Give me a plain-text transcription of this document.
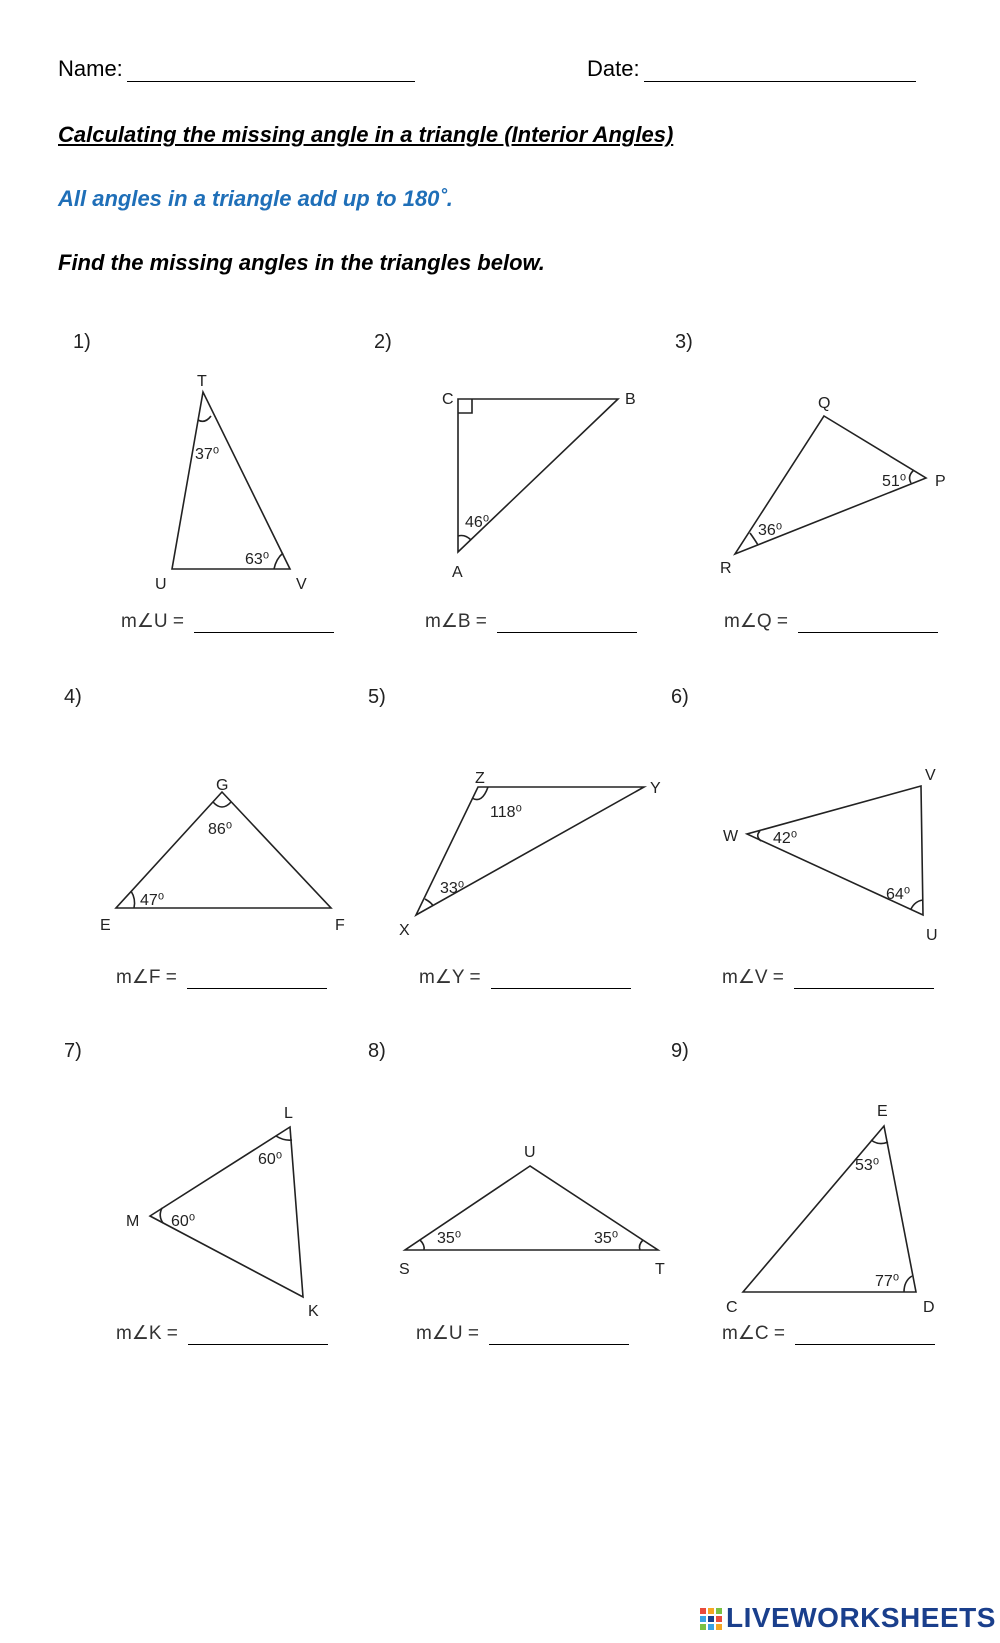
Name:	Date:
Calculating the missing angle in a triangle (Interior Angles)
All angles in a triangle add up to 180˚.
Find the missing angles in the triangles below.
1)	2)	3)
4)	5)	6)
7)	8)	9)
m∠U =	m∠B =	m∠Q =
m∠F =	m∠Y =	m∠V =
m∠K =	m∠U =	m∠C =
T
U	V
37⁰
63⁰
C	B
A
46⁰
Q
P
R
51⁰
36⁰
G
E	F
86⁰
47⁰
Z
Y
X
118⁰
33⁰
V
W
U
42⁰
64⁰
L
M
K
60⁰
60⁰
U
S	T
35⁰	35⁰
E
C	D
53⁰
77⁰
LIVEWORKSHEETS
